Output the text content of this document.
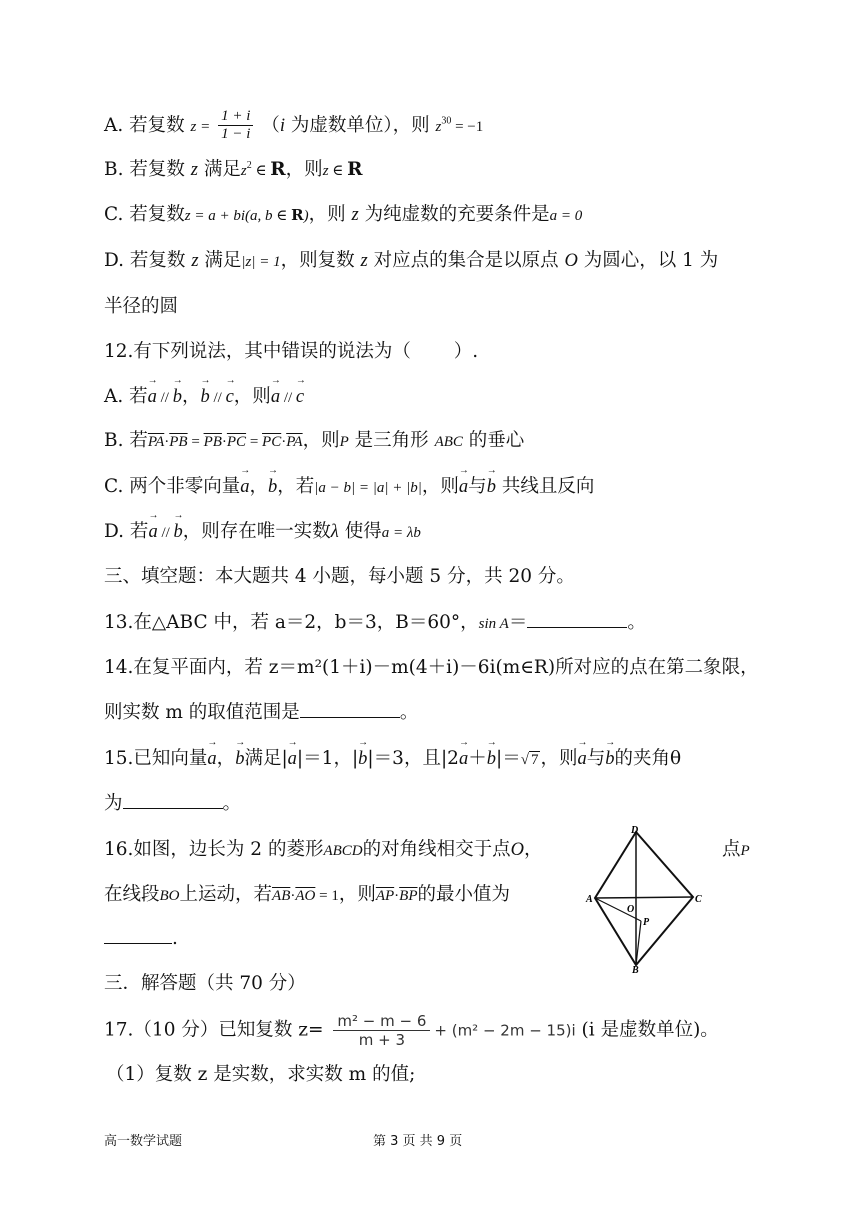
A. 若复数 $z = \frac{1 + i}{1 - i} (i$ 为虚数单位），则 $z^{30} = -1$
B. 若复数 z 满足$z^2$ ∈ R，则z ∈ R
C. 若复数z = a + bi(a, b ∈ R)，则 z 为纯虚数的充要条件是a = 0
D. 若复数 z 满足|z| = 1，则复数 z 对应点的集合是以原点 O 为圆心，以 1 为
半径的圆
12.有下列说法，其中错误的说法为（　　 ）.
A. 若→ a // → b，→ b // → c，则→ a // → c
B. 若$\overline{PA}\cdot\overline{PB} = \overline{PB}\cdot\overline{PC} = \overline{PC}\cdot\overline{PA}$，则P 是三角形 ABC 的垂心
C. 两个非零向量→ a，→ b，若|a − b| = |a| + |b|，则→ a与→ b 共线且反向
D. 若→ a // → b，则存在唯一实数λ 使得a = λb
三、填空题：本大题共 4 小题，每小题 5 分，共 20 分。
13.在△ABC 中，若 a＝2，b＝3，B＝60°，sin A＝	。
14.在复平面内，若 z＝m²(1＋i)－m(4＋i)－6i(m∈R)所对应的点在第二象限，
则实数 m 的取值范围是	。
15.已知向量→ a，→ b满足|→ a|＝1，|→ b|＝3，且|2→ a＋→ b|＝√ 7 ，则→ a与→ b的夹角θ
为	。
16.如图，边长为 2 的菱形ABCD的对角线相交于点O，	点P
在线段BO上运动，若$\overline{AB}\cdot\overline{AO} = 1$，则$\overline{AP}\cdot\overline{BP}$的最小值为
.
D
A	C
O
P
B
三．解答题（共 70 分）
17.（10 分）已知复数 $z= \frac{\text{m² − m − 6}}{m + 3} + (m^2 - 2m - 15)i$ (i 是虚数单位)。
（1）复数 z 是实数，求实数 m 的值;
高一数学试题	第 3 页 共 9 页
